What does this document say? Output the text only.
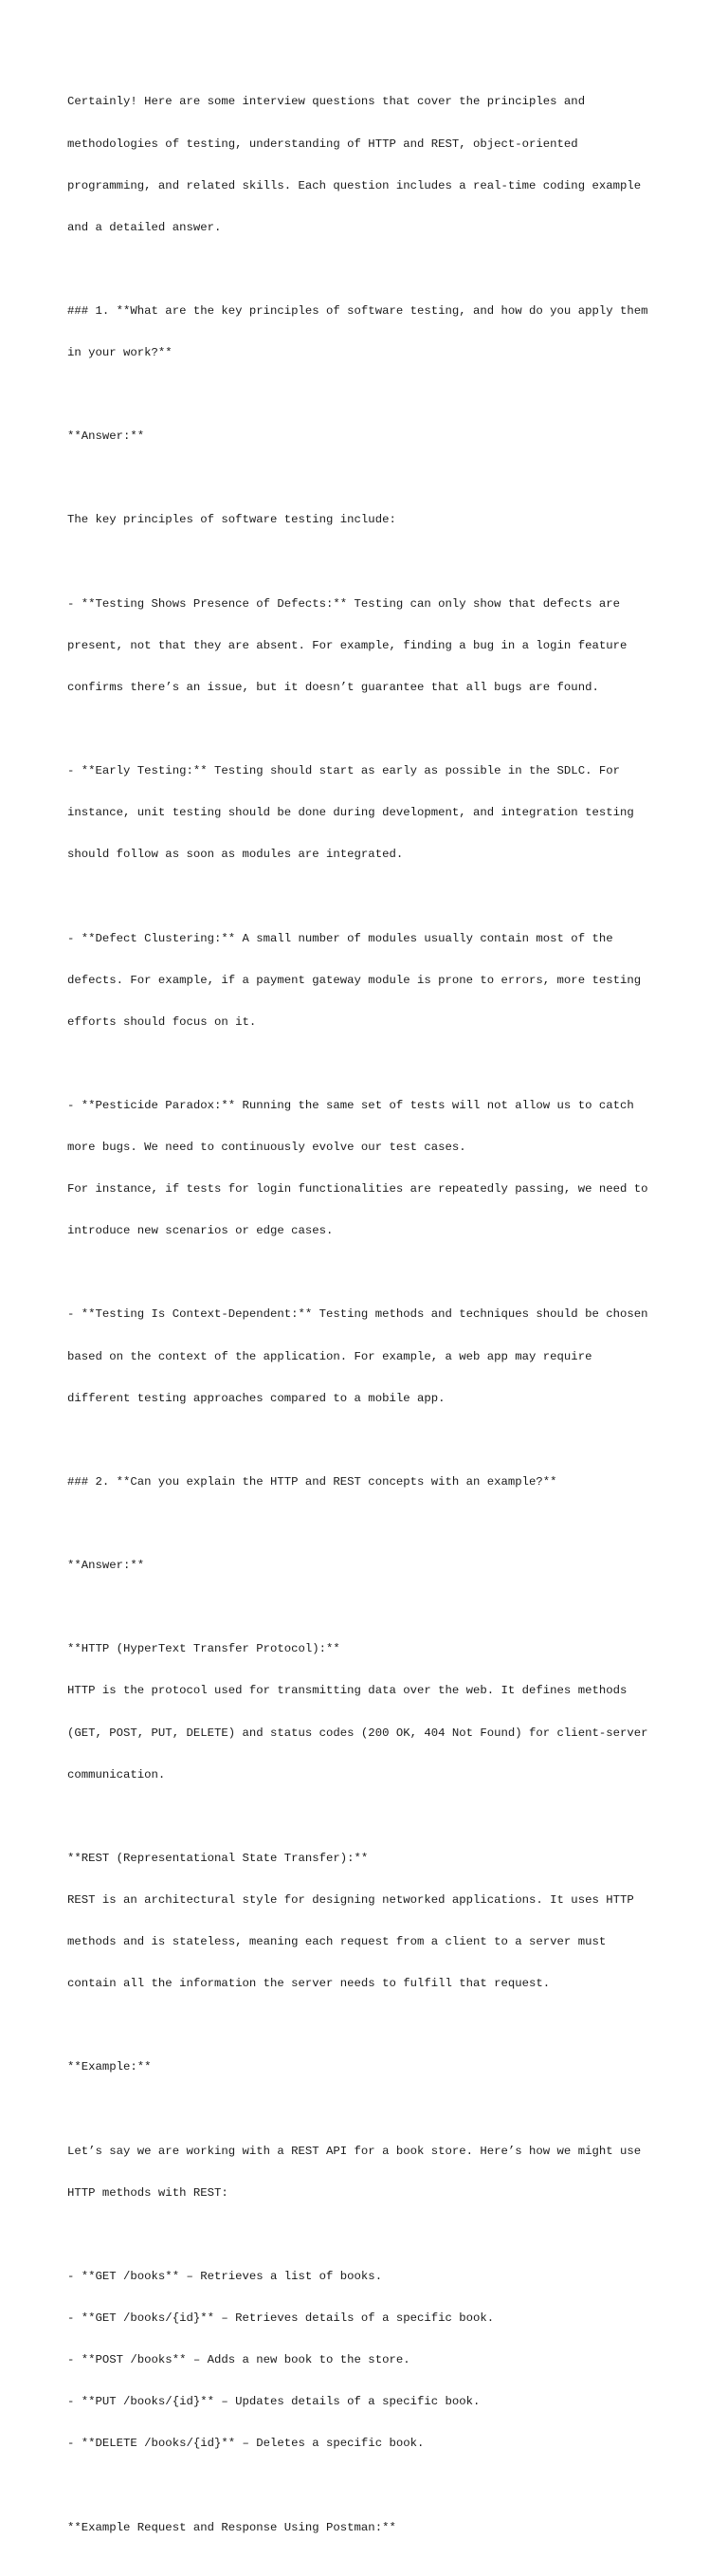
Certainly! Here are some interview questions that cover the principles and

methodologies of testing, understanding of HTTP and REST, object-oriented

programming, and related skills. Each question includes a real-time coding example

and a detailed answer.

### 1. **What are the key principles of software testing, and how do you apply them

in your work?**

**Answer:**

The key principles of software testing include:

- **Testing Shows Presence of Defects:** Testing can only show that defects are

present, not that they are absent. For example, finding a bug in a login feature

confirms there’s an issue, but it doesn’t guarantee that all bugs are found.

- **Early Testing:** Testing should start as early as possible in the SDLC. For

instance, unit testing should be done during development, and integration testing

should follow as soon as modules are integrated.

- **Defect Clustering:** A small number of modules usually contain most of the

defects. For example, if a payment gateway module is prone to errors, more testing

efforts should focus on it.

- **Pesticide Paradox:** Running the same set of tests will not allow us to catch

more bugs. We need to continuously evolve our test cases.

For instance, if tests for login functionalities are repeatedly passing, we need to

introduce new scenarios or edge cases.

- **Testing Is Context-Dependent:** Testing methods and techniques should be chosen

based on the context of the application. For example, a web app may require

different testing approaches compared to a mobile app.

### 2. **Can you explain the HTTP and REST concepts with an example?**

**Answer:**

**HTTP (HyperText Transfer Protocol):**

HTTP is the protocol used for transmitting data over the web. It defines methods

(GET, POST, PUT, DELETE) and status codes (200 OK, 404 Not Found) for client-server

communication.

**REST (Representational State Transfer):**

REST is an architectural style for designing networked applications. It uses HTTP

methods and is stateless, meaning each request from a client to a server must

contain all the information the server needs to fulfill that request.

**Example:**

Let’s say we are working with a REST API for a book store. Here’s how we might use

HTTP methods with REST:

- **GET /books** – Retrieves a list of books.

- **GET /books/{id}** – Retrieves details of a specific book.

- **POST /books** – Adds a new book to the store.

- **PUT /books/{id}** – Updates details of a specific book.

- **DELETE /books/{id}** – Deletes a specific book.

**Example Request and Response Using Postman:**
